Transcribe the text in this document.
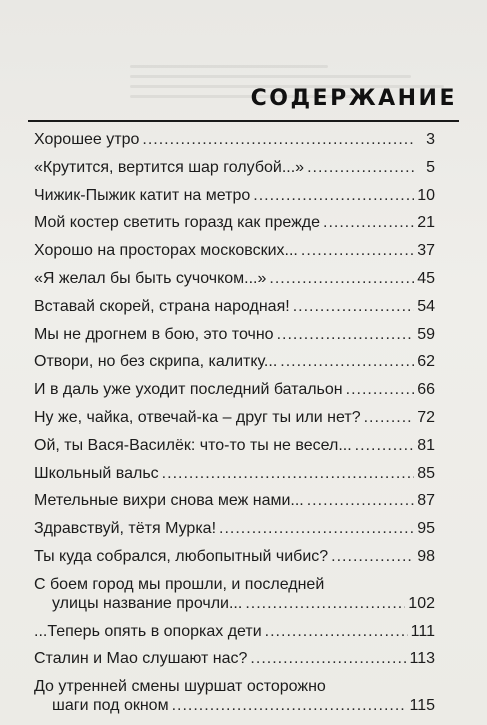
СОДЕРЖАНИЕ
Хорошее утро .....	3
«Крутится, вертится шар голубой...» .....	5
Чижик-Пыжик катит на метро .....	10
Мой костер светить горазд как прежде .....	21
Хорошо на просторах московских... .....	37
«Я желал бы быть сучочком...» .....	45
Вставай скорей, страна народная! .....	54
Мы не дрогнем в бою, это точно .....	59
Отвори, но без скрипа, калитку... .....	62
И в даль уже уходит последний батальон .....	66
Ну же, чайка, отвечай-ка – друг ты или нет? .....	72
Ой, ты Вася-Василёк: что-то ты не весел... .....	81
Школьный вальс .....	85
Метельные вихри снова меж нами... .....	87
Здравствуй, тётя Мурка! .....	95
Ты куда собрался, любопытный чибис? .....	98
С боем город мы прошли, и последней
улицы название прочли... .....	102
...Теперь опять в опорках дети .....	111
Сталин и Мао слушают нас? .....	113
До утренней смены шуршат осторожно
шаги под окном .....	115
